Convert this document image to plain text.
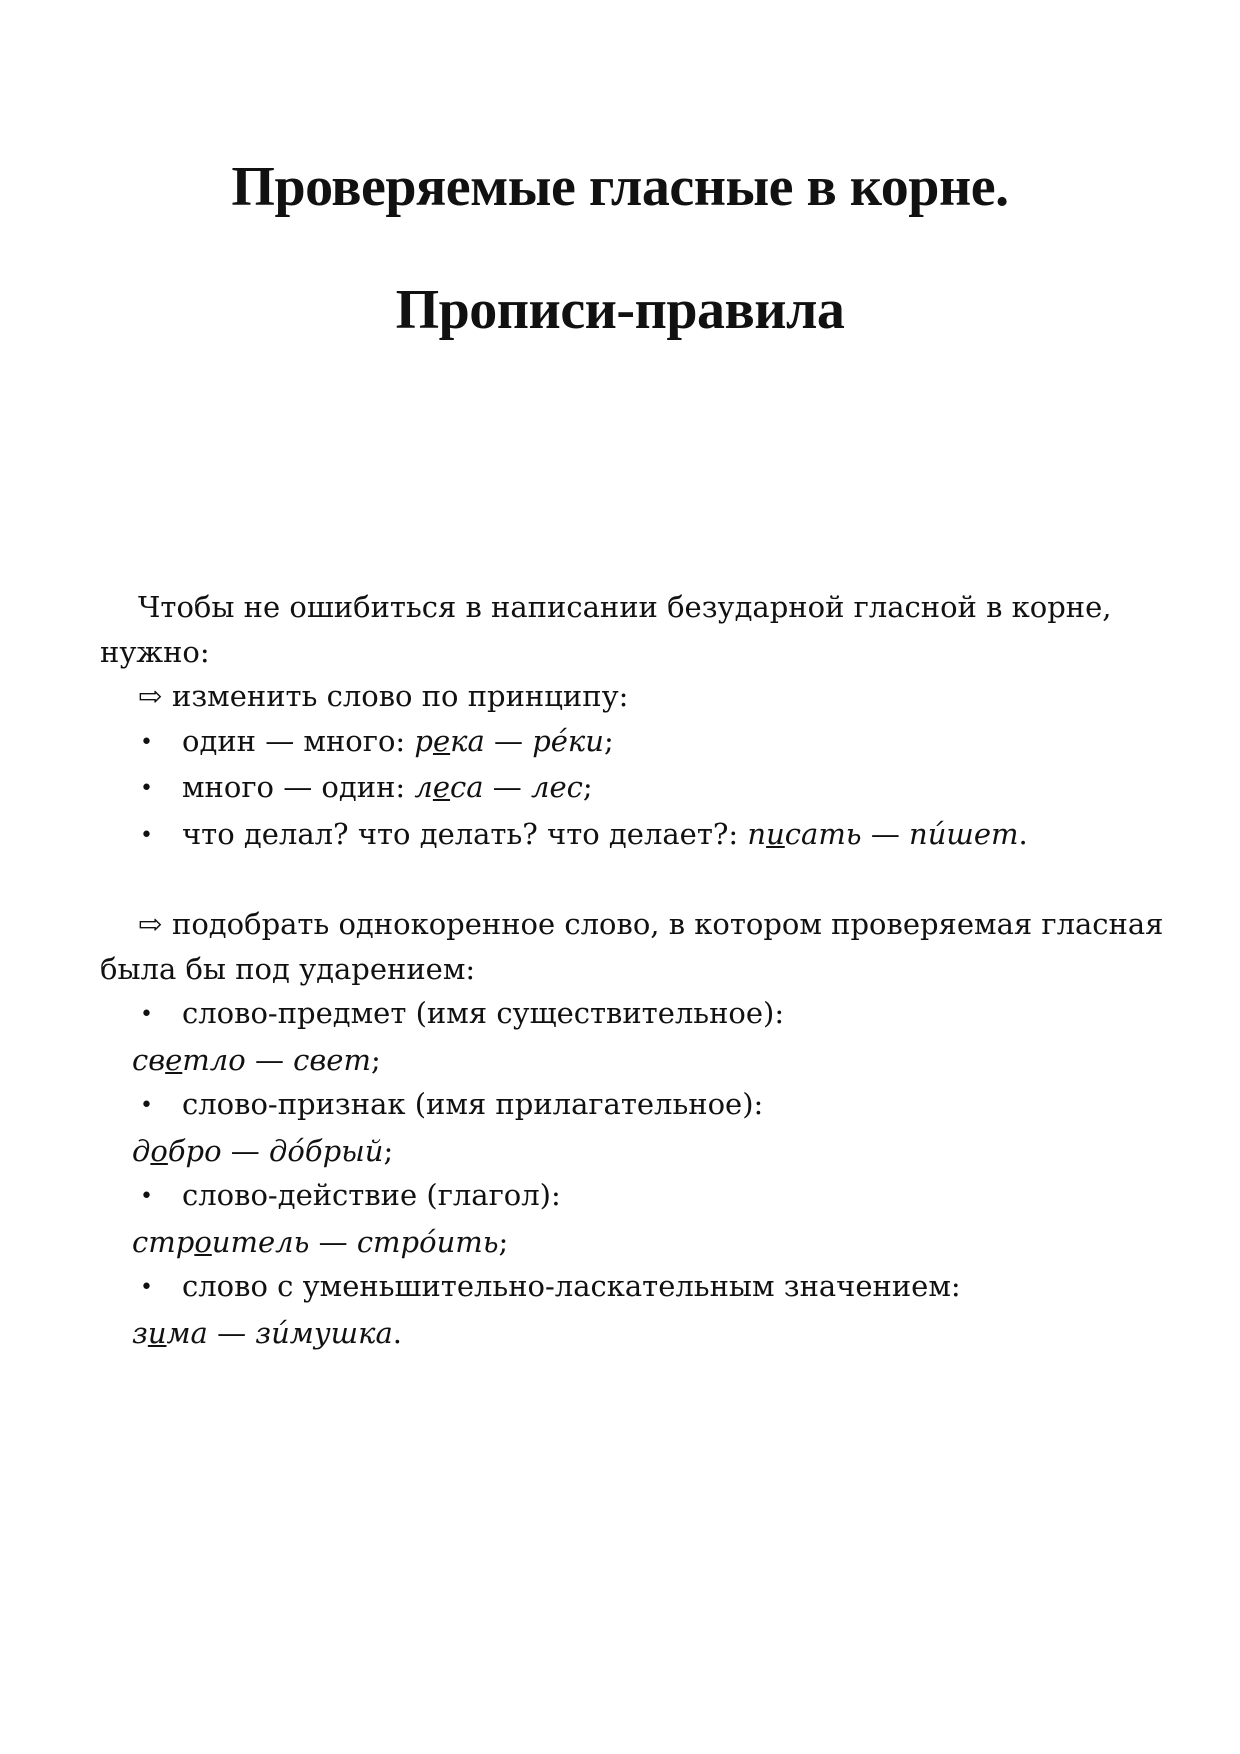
Проверяемые гласные в корне.
Прописи-правила
Чтобы не ошибиться в написании безударной гласной в корне,
нужно:
⇨ изменить слово по принципу:
• один — много: река — ре́ки;
• много — один: леса — лес;
• что делал? что делать? что делает?: писать — пи́шет.
⇨ подобрать однокоренное слово, в котором проверяемая гласная
была бы под ударением:
• слово-предмет (имя существительное):
светло — свет;
• слово-признак (имя прилагательное):
добро — до́брый;
• слово-действие (глагол):
строитель — стро́ить;
• слово с уменьшительно-ласкательным значением:
зима — зи́мушка.
